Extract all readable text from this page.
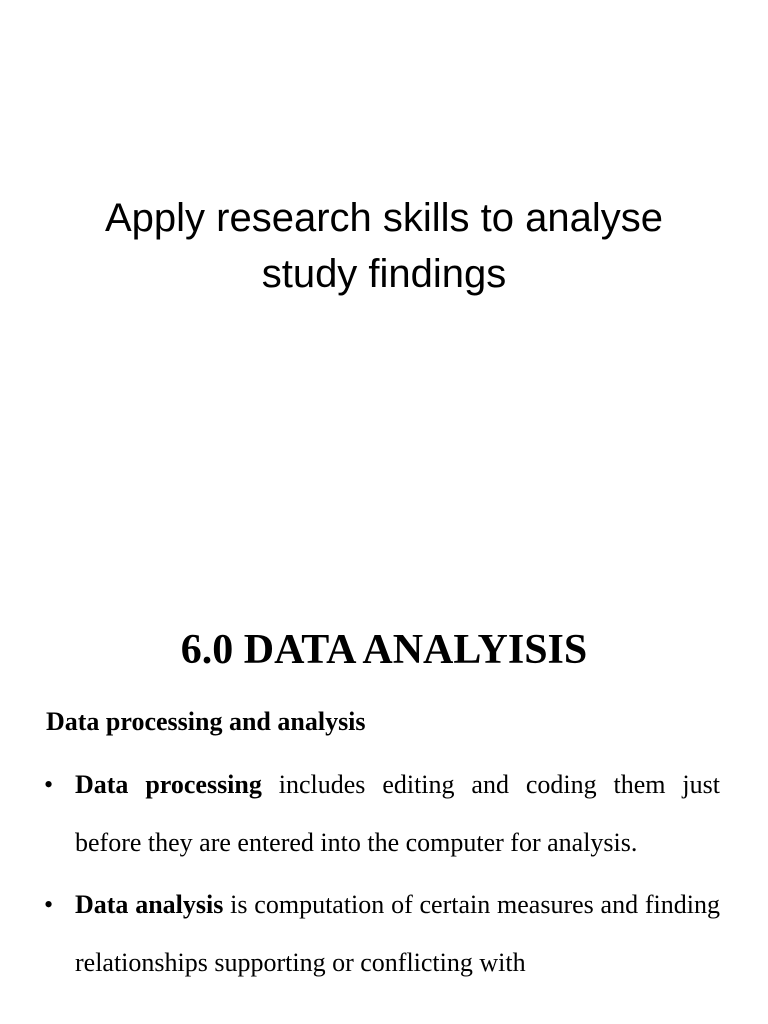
Apply research skills to analyse study findings
6.0 DATA ANALYISIS
Data processing and analysis
• Data processing includes editing and coding them just before they are entered into the computer for analysis.
• Data analysis is computation of certain measures and finding relationships supporting or conflicting with
